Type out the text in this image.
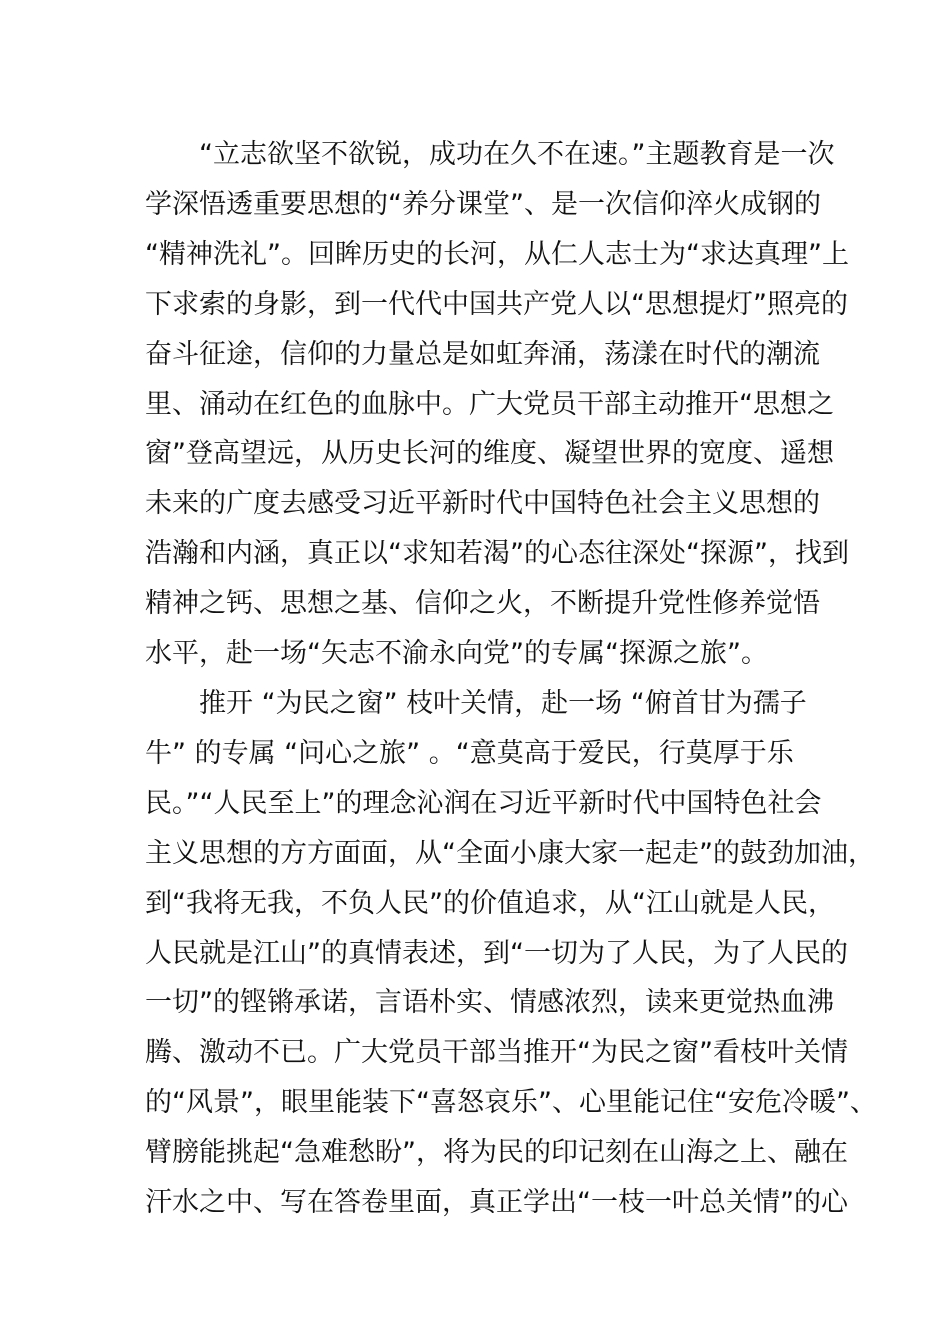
“立志欲坚不欲锐，成功在久不在速。”主题教育是一次
学深悟透重要思想的“养分课堂”、是一次信仰淬火成钢的
“精神洗礼”。回眸历史的长河，从仁人志士为“求达真理”上
下求索的身影，到一代代中国共产党人以“思想提灯”照亮的
奋斗征途，信仰的力量总是如虹奔涌，荡漾在时代的潮流
里、涌动在红色的血脉中。广大党员干部主动推开“思想之
窗”登高望远，从历史长河的维度、凝望世界的宽度、遥想
未来的广度去感受习近平新时代中国特色社会主义思想的
浩瀚和内涵，真正以“求知若渴”的心态往深处“探源”，找到
精神之钙、思想之基、信仰之火，不断提升党性修养觉悟
水平，赴一场“矢志不渝永向党”的专属“探源之旅”。

推开 “为民之窗” 枝叶关情，赴一场 “俯首甘为孺子
牛” 的专属 “问心之旅” 。“意莫高于爱民，行莫厚于乐
民。”“人民至上”的理念沁润在习近平新时代中国特色社会
主义思想的方方面面，从“全面小康大家一起走”的鼓劲加油，
到“我将无我，不负人民”的价值追求，从“江山就是人民，
人民就是江山”的真情表述，到“一切为了人民，为了人民的
一切”的铿锵承诺，言语朴实、情感浓烈，读来更觉热血沸
腾、激动不已。广大党员干部当推开“为民之窗”看枝叶关情
的“风景”，眼里能装下“喜怒哀乐”、心里能记住“安危冷暖”、
臂膀能挑起“急难愁盼”，将为民的印记刻在山海之上、融在
汗水之中、写在答卷里面，真正学出“一枝一叶总关情”的心
